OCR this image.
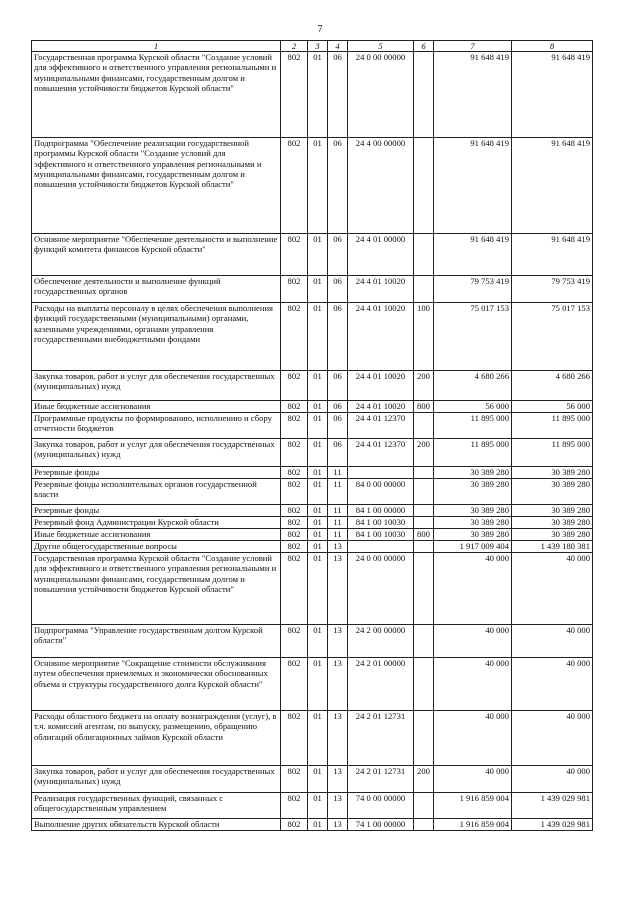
7
1	2	3	4	5	6	7	8
Государственная программа Курской области "Создание условий для эффективного и ответственного управления региональными и муниципальными финансами, государственным долгом и повышения устойчивости бюджетов Курской области"	802	01	06	24 0 00 00000		91 648 419	91 648 419
Подпрограмма "Обеспечение реализации государственной программы Курской области "Создание условий для эффективного и ответственного управления региональными и муниципальными финансами, государственным долгом и повышения устойчивости бюджетов Курской области"	802	01	06	24 4 00 00000		91 648 419	91 648 419
Основное мероприятие "Обеспечение деятельности и выполнение функций комитета финансов Курской области"	802	01	06	24 4 01 00000		91 648 419	91 648 419
Обеспечение деятельности и выполнение функций государственных органов	802	01	06	24 4 01 10020		79 753 419	79 753 419
Расходы на выплаты персоналу в целях обеспечения выполнения функций государственными (муниципальными) органами, казенными учреждениями, органами управления государственными внебюджетными фондами	802	01	06	24 4 01 10020	100	75 017 153	75 017 153
Закупка товаров, работ и услуг для обеспечения государственных (муниципальных) нужд	802	01	06	24 4 01 10020	200	4 680 266	4 680 266
Иные бюджетные ассигнования	802	01	06	24 4 01 10020	800	56 000	56 000
Программные продукты по формированию, исполнению и сбору отчетности бюджетов	802	01	06	24 4 01 12370		11 895 000	11 895 000
Закупка товаров, работ и услуг для обеспечения государственных (муниципальных) нужд	802	01	06	24 4 01 12370	200	11 895 000	11 895 000
Резервные фонды	802	01	11			30 389 280	30 389 280
Резервные фонды исполнительных органов государственной власти	802	01	11	84 0 00 00000		30 389 280	30 389 280
Резервные фонды	802	01	11	84 1 00 00000		30 389 280	30 389 280
Резервный фонд Администрации Курской области	802	01	11	84 1 00 10030		30 389 280	30 389 280
Иные бюджетные ассигнования	802	01	11	84 1 00 10030	800	30 389 280	30 389 280
Другие общегосударственные вопросы	802	01	13			1 917 009 404	1 439 180 381
Государственная программа Курской области "Создание условий для эффективного и ответственного управления региональными и муниципальными финансами, государственным долгом и повышения устойчивости бюджетов Курской области"	802	01	13	24 0 00 00000		40 000	40 000
Подпрограмма "Управление государственным долгом Курской области"	802	01	13	24 2 00 00000		40 000	40 000
Основное мероприятие "Сокращение стоимости обслуживания путем обеспечения приемлемых и экономически обоснованных объема и структуры государственного долга Курской области"	802	01	13	24 2 01 00000		40 000	40 000
Расходы областного бюджета на оплату вознаграждения (услуг), в т.ч. комиссий агентам, по выпуску, размещению, обращению облигаций облигационных займов Курской области	802	01	13	24 2 01 12731		40 000	40 000
Закупка товаров, работ и услуг для обеспечения государственных (муниципальных) нужд	802	01	13	24 2 01 12731	200	40 000	40 000
Реализация государственных функций, связанных с общегосударственным управлением	802	01	13	74 0 00 00000		1 916 859 004	1 439 029 981
Выполнение других обязательств Курской области	802	01	13	74 1 00 00000		1 916 859 004	1 439 029 981
